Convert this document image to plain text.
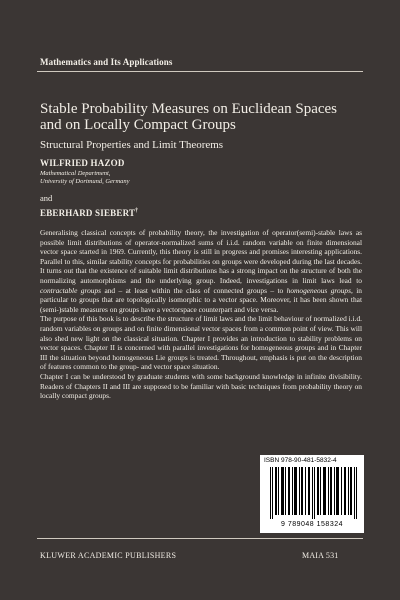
Mathematics and Its Applications
Stable Probability Measures on Euclidean Spaces and on Locally Compact Groups
Structural Properties and Limit Theorems
WILFRIED HAZOD
Mathematical Department,
University of Dortmund, Germany
and
EBERHARD SIEBERT†

Generalising classical concepts of probability theory, the investigation of operator(semi)-stable laws as possible limit distributions of operator-normalized sums of i.i.d. random variable on finite dimensional vector space started in 1969. Currently, this theory is still in progress and promises interesting applications. Parallel to this, similar stability concepts for probabilities on groups were developed during the last decades. It turns out that the existence of suitable limit distributions has a strong impact on the structure of both the normalizing automorphisms and the underlying group. Indeed, investigations in limit laws lead to contractable groups and – at least within the class of connected groups – to homogeneous groups, in particular to groups that are topologically isomorphic to a vector space. Moreover, it has been shown that (semi-)stable measures on groups have a vectorspace counterpart and vice versa.

The purpose of this book is to describe the structure of limit laws and the limit behaviour of normalized i.i.d. random variables on groups and on finite dimensional vector spaces from a common point of view. This will also shed new light on the classical situation. Chapter I provides an introduction to stability problems on vector spaces. Chapter II is concerned with parallel investigations for homogeneous groups and in Chapter III the situation beyond homogeneous Lie groups is treated. Throughout, emphasis is put on the description of features common to the group- and vector space situation.

Chapter I can be understood by graduate students with some background knowledge in infinite divisibility. Readers of Chapters II and III are supposed to be familiar with basic techniques from probability theory on locally compact groups.

ISBN 978-90-481-5832-4
9 789048 158324
KLUWER ACADEMIC PUBLISHERS	MAIA 531
